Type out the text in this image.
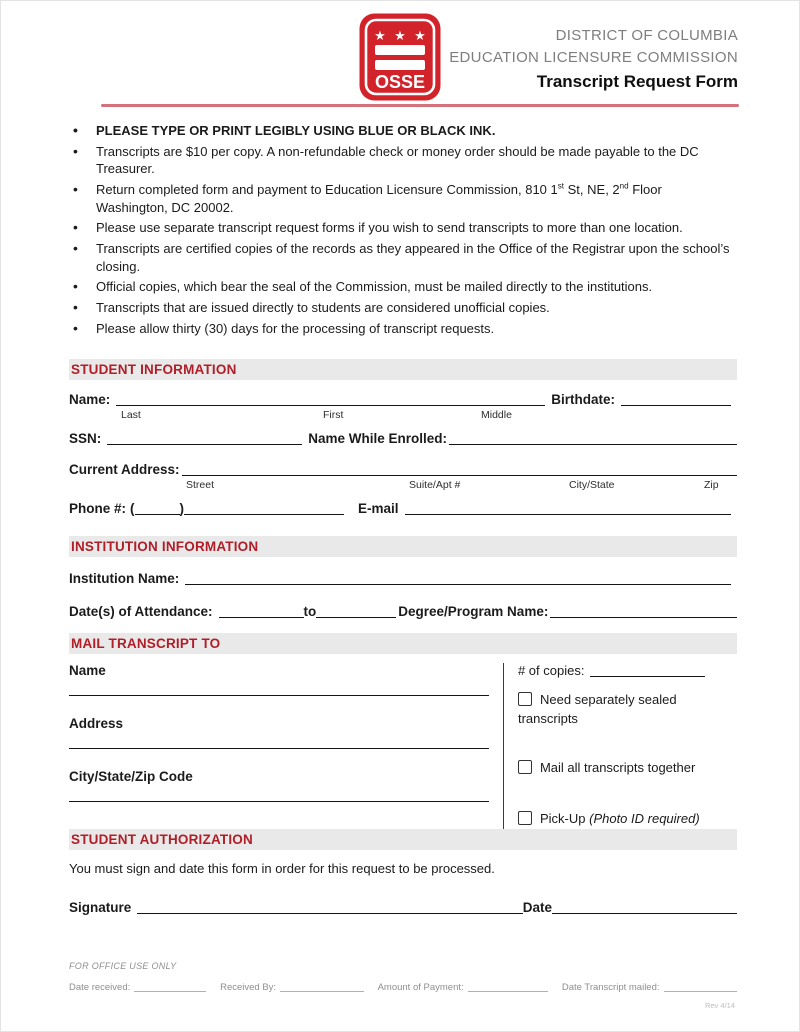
★ ★ ★
OSSE
DISTRICT OF COLUMBIA
EDUCATION LICENSURE COMMISSION
Transcript Request Form
• PLEASE TYPE OR PRINT LEGIBLY USING BLUE OR BLACK INK.
• Transcripts are $10 per copy. A non-refundable check or money order should be made payable to the DC Treasurer.
• Return completed form and payment to Education Licensure Commission, 810 1st St, NE, 2nd Floor Washington, DC 20002.
• Please use separate transcript request forms if you wish to send transcripts to more than one location.
• Transcripts are certified copies of the records as they appeared in the Office of the Registrar upon the school’s closing.
• Official copies, which bear the seal of the Commission, must be mailed directly to the institutions.
• Transcripts that are issued directly to students are considered unofficial copies.
• Please allow thirty (30) days for the processing of transcript requests.
STUDENT INFORMATION
Name:	Birthdate:
Last	First	Middle
SSN:	Name While Enrolled:
Current Address:
Street	Suite/Apt #	City/State	Zip
Phone #: (	)	E-mail
INSTITUTION INFORMATION
Institution Name:
Date(s) of Attendance:	to	Degree/Program Name:
MAIL TRANSCRIPT TO
Name
Address
City/State/Zip Code
# of copies:
Need separately sealed transcripts
Mail all transcripts together
Pick-Up (Photo ID required)
STUDENT AUTHORIZATION
You must sign and date this form in order for this request to be processed.
Signature	Date
FOR OFFICE USE ONLY
Date received:	Received By:	Amount of Payment:	Date Transcript mailed:
Rev 4/14
